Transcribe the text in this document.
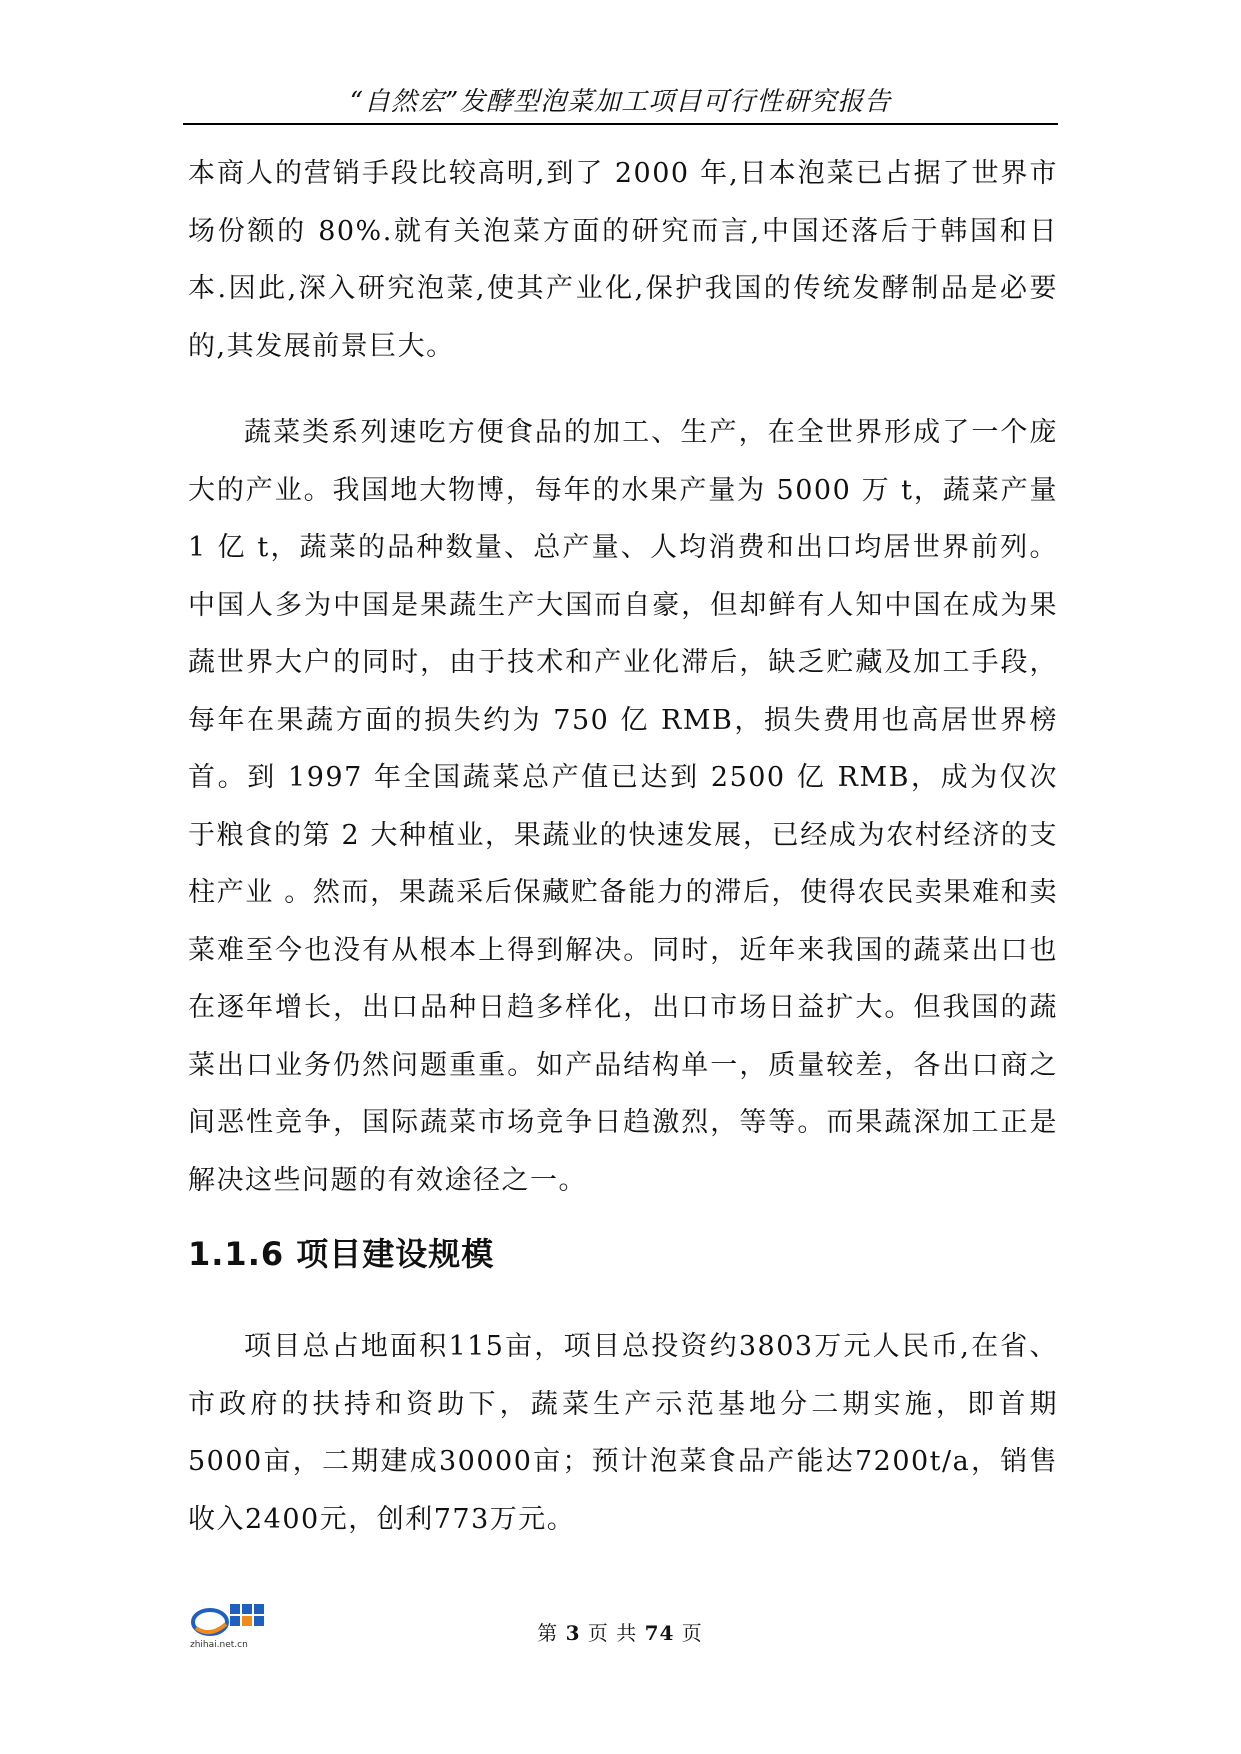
“自然宏”发酵型泡菜加工项目可行性研究报告

本商人的营销手段比较高明,到了 2000 年,日本泡菜已占据了世界市场份额的 80%.就有关泡菜方面的研究而言,中国还落后于韩国和日本.因此,深入研究泡菜,使其产业化,保护我国的传统发酵制品是必要的,其发展前景巨大。

蔬菜类系列速吃方便食品的加工、生产，在全世界形成了一个庞大的产业。我国地大物博，每年的水果产量为 5000 万 t，蔬菜产量 1 亿 t，蔬菜的品种数量、总产量、人均消费和出口均居世界前列。中国人多为中国是果蔬生产大国而自豪，但却鲜有人知中国在成为果蔬世界大户的同时，由于技术和产业化滞后，缺乏贮藏及加工手段，每年在果蔬方面的损失约为 750 亿 RMB，损失费用也高居世界榜首。到 1997 年全国蔬菜总产值已达到 2500 亿 RMB，成为仅次于粮食的第 2 大种植业，果蔬业的快速发展，已经成为农村经济的支柱产业 。然而，果蔬采后保藏贮备能力的滞后，使得农民卖果难和卖菜难至今也没有从根本上得到解决。同时，近年来我国的蔬菜出口也在逐年增长，出口品种日趋多样化，出口市场日益扩大。但我国的蔬菜出口业务仍然问题重重。如产品结构单一，质量较差，各出口商之间恶性竞争，国际蔬菜市场竞争日趋激烈，等等。而果蔬深加工正是解决这些问题的有效途径之一。

1.1.6 项目建设规模

项目总占地面积115亩，项目总投资约3803万元人民币,在省、市政府的扶持和资助下，蔬菜生产示范基地分二期实施，即首期5000亩，二期建成30000亩；预计泡菜食品产能达7200t/a，销售收入2400元，创利773万元。

zhihai.net.cn	第 3 页 共 74 页
